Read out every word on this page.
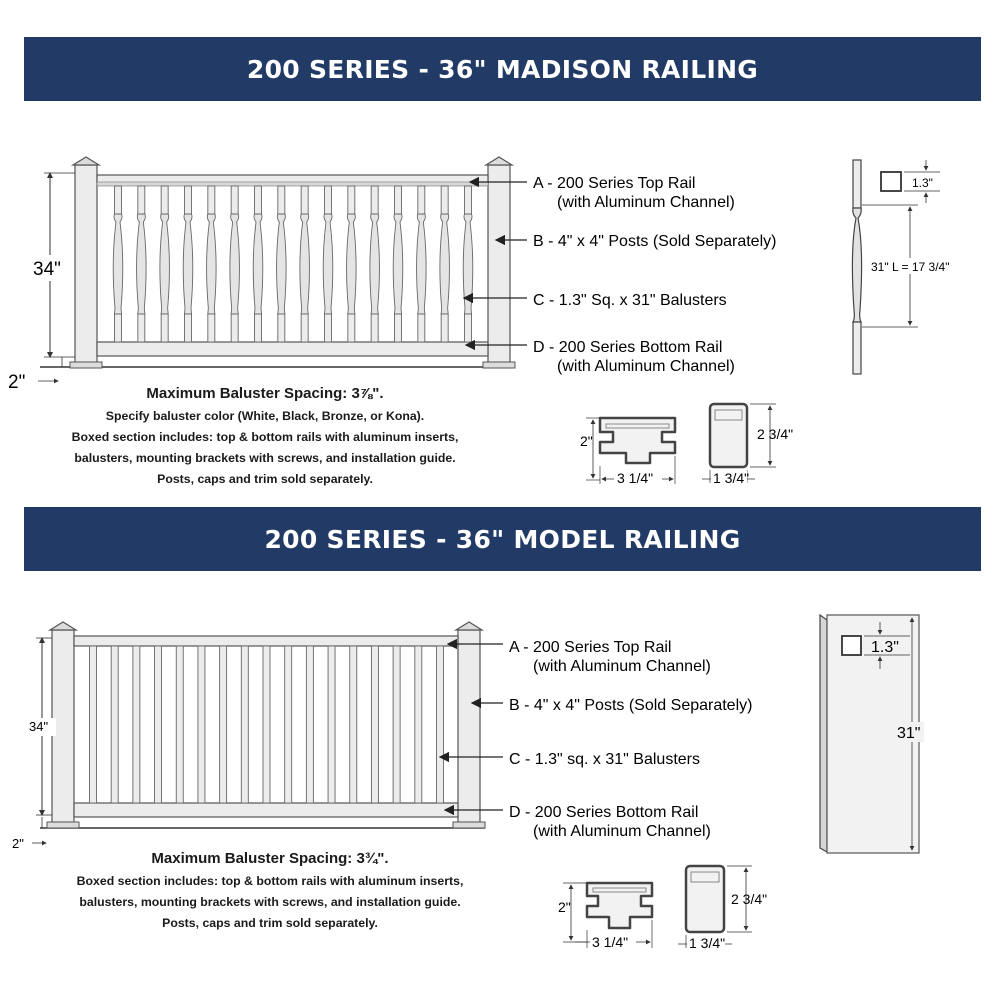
200 SERIES - 36" MADISON RAILING
200 SERIES - 36" MODEL RAILING
34"
2"
A - 200 Series Top Rail
(with Aluminum Channel)
B - 4" x 4" Posts (Sold Separately)
C - 1.3" Sq. x 31" Balusters
D - 200 Series Bottom Rail
(with Aluminum Channel)
1.3"
31" L = 17 3/4"
2"
3 1/4"
2 3/4"
1 3/4"
34"
2"
A - 200 Series Top Rail
(with Aluminum Channel)
B - 4" x 4" Posts (Sold Separately)
C - 1.3" sq. x 31" Balusters
D - 200 Series Bottom Rail
(with Aluminum Channel)
1.3"
31"
2"
3 1/4"
2 3/4"
1 3/4"
Maximum Baluster Spacing: 3⅞".
Specify baluster color (White, Black, Bronze, or Kona).
Boxed section includes: top & bottom rails with aluminum inserts,
balusters, mounting brackets with screws, and installation guide.
Posts, caps and trim sold separately.
Maximum Baluster Spacing: 3¾".
Boxed section includes: top & bottom rails with aluminum inserts,
balusters, mounting brackets with screws, and installation guide.
Posts, caps and trim sold separately.
